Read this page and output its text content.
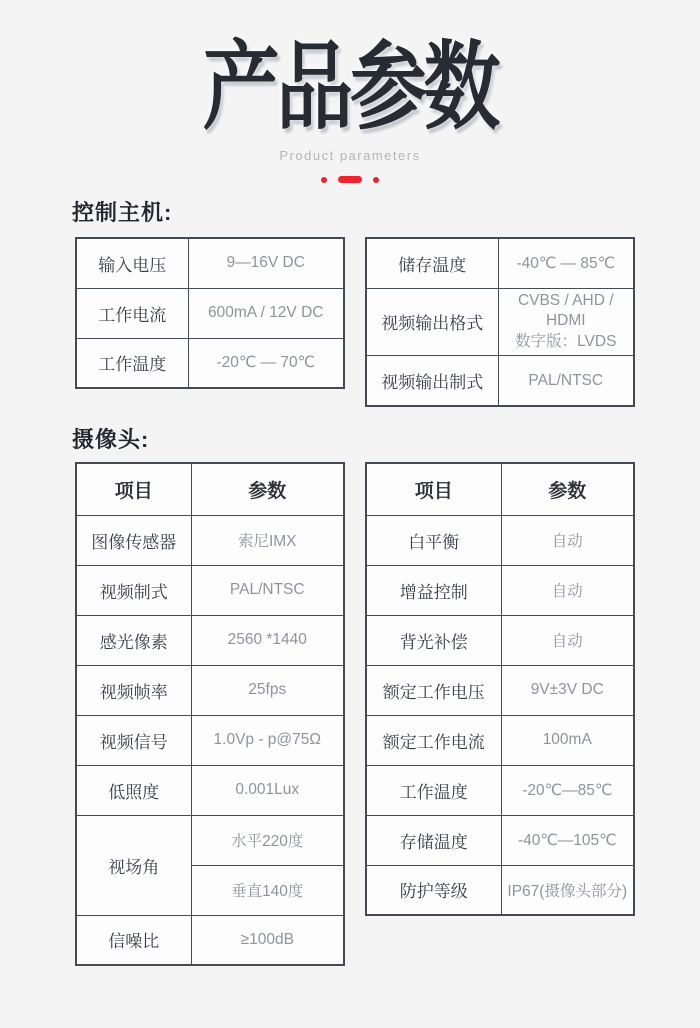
产品参数
Product parameters
控制主机:
输入电压	9—16V DC
工作电流	600mA / 12V DC
工作温度	-20℃ — 70℃
储存温度	-40℃ — 85℃
视频输出格式	CVBS / AHD / HDMI
数字版：LVDS

视频输出制式	PAL/NTSC
摄像头:
项目	参数
图像传感器	索尼IMX
视频制式	PAL/NTSC
感光像素	2560 *1440
视频帧率	25fps
视频信号	1.0Vp - p@75Ω
低照度	0.001Lux
视场角	水平220度
	垂直140度
信噪比	≥100dB
项目	参数
白平衡	自动
增益控制	自动
背光补偿	自动
额定工作电压	9V±3V DC
额定工作电流	100mA
工作温度	-20℃—85℃
存储温度	-40℃—105℃
防护等级	IP67(摄像头部分)
